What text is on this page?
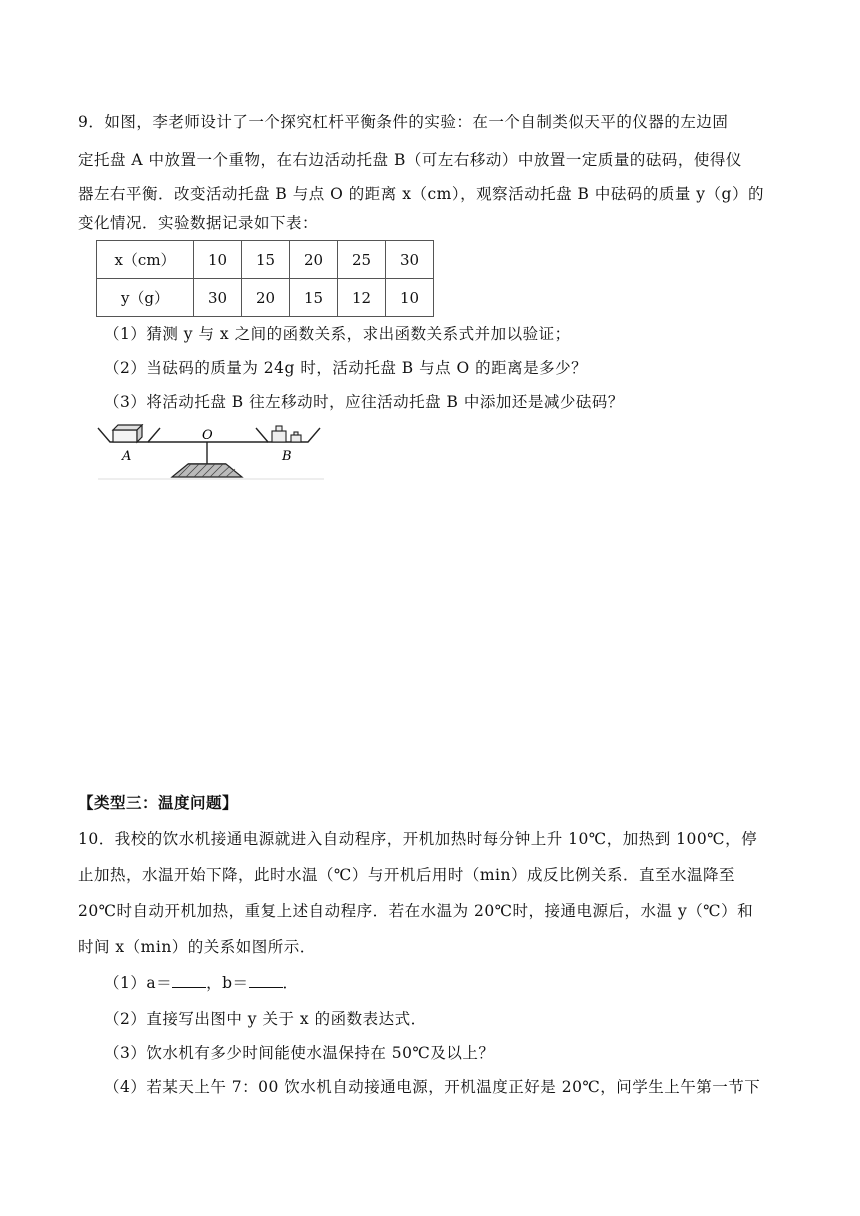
9．如图，李老师设计了一个探究杠杆平衡条件的实验：在一个自制类似天平的仪器的左边固
定托盘 A 中放置一个重物，在右边活动托盘 B（可左右移动）中放置一定质量的砝码，使得仪
器左右平衡．改变活动托盘 B 与点 O 的距离 x（cm），观察活动托盘 B 中砝码的质量 y（g）的
变化情况．实验数据记录如下表：
x（cm）	10	15	20	25	30
y（g）	30	20	15	12	10
（1）猜测 y 与 x 之间的函数关系，求出函数关系式并加以验证；
（2）当砝码的质量为 24g 时，活动托盘 B 与点 O 的距离是多少？
（3）将活动托盘 B 往左移动时，应往活动托盘 B 中添加还是减少砝码？
A
O
B
【类型三：温度问题】
10．我校的饮水机接通电源就进入自动程序，开机加热时每分钟上升 10℃，加热到 100℃，停
止加热，水温开始下降，此时水温（℃）与开机后用时（min）成反比例关系．直至水温降至
20℃时自动开机加热，重复上述自动程序．若在水温为 20℃时，接通电源后，水温 y（℃）和
时间 x（min）的关系如图所示．
（1）a＝ ，b＝ ．
（2）直接写出图中 y 关于 x 的函数表达式．
（3）饮水机有多少时间能使水温保持在 50℃及以上？
（4）若某天上午 7：00 饮水机自动接通电源，开机温度正好是 20℃，问学生上午第一节下
